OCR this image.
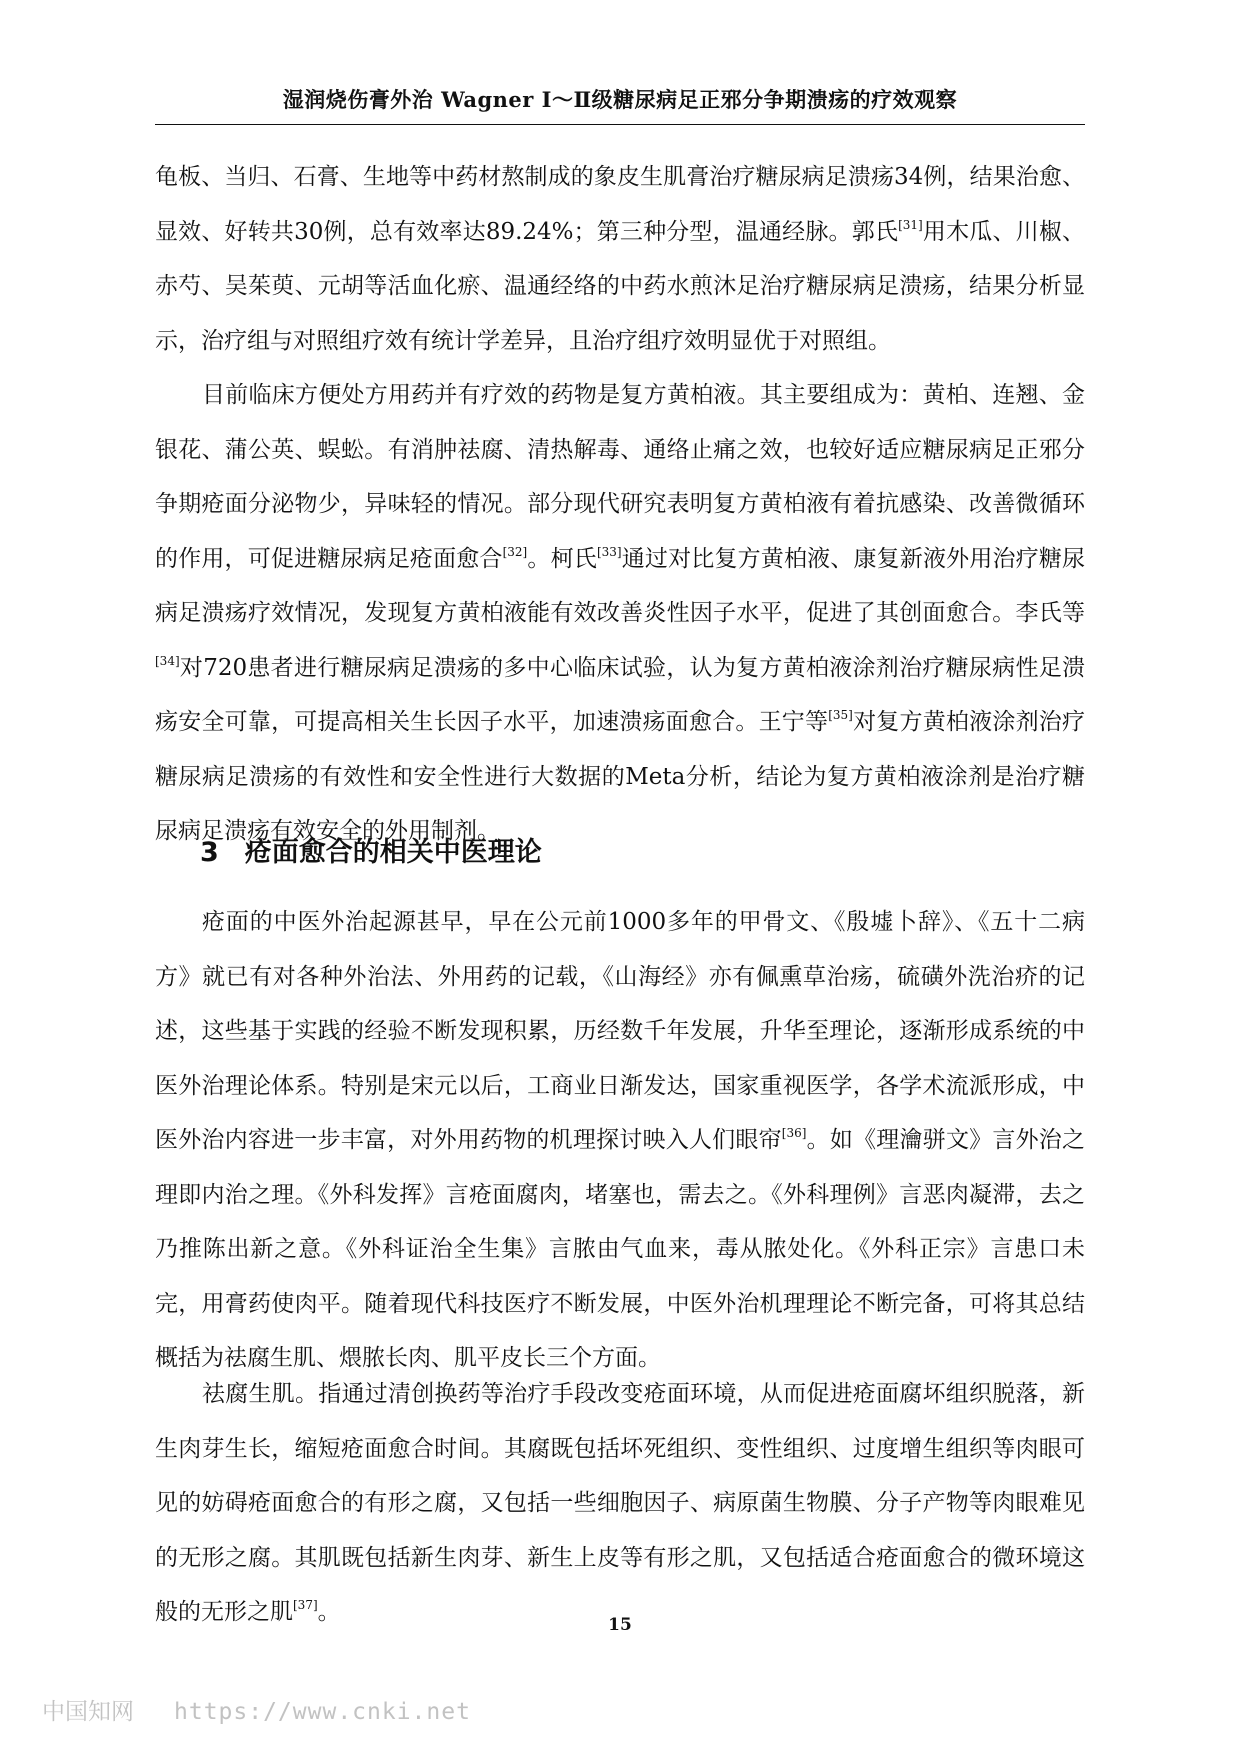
湿润烧伤膏外治 Wagner Ⅰ～Ⅱ级糖尿病足正邪分争期溃疡的疗效观察

龟板、当归、石膏、生地等中药材熬制成的象皮生肌膏治疗糖尿病足溃疡34例，结果治愈、显效、好转共30例，总有效率达89.24%；第三种分型，温通经脉。郭氏[31]用木瓜、川椒、赤芍、吴茱萸、元胡等活血化瘀、温通经络的中药水煎沐足治疗糖尿病足溃疡，结果分析显示，治疗组与对照组疗效有统计学差异，且治疗组疗效明显优于对照组。

目前临床方便处方用药并有疗效的药物是复方黄柏液。其主要组成为：黄柏、连翘、金银花、蒲公英、蜈蚣。有消肿祛腐、清热解毒、通络止痛之效，也较好适应糖尿病足正邪分争期疮面分泌物少，异味轻的情况。部分现代研究表明复方黄柏液有着抗感染、改善微循环的作用，可促进糖尿病足疮面愈合[32]。柯氏[33]通过对比复方黄柏液、康复新液外用治疗糖尿病足溃疡疗效情况，发现复方黄柏液能有效改善炎性因子水平，促进了其创面愈合。李氏等[34]对720患者进行糖尿病足溃疡的多中心临床试验，认为复方黄柏液涂剂治疗糖尿病性足溃疡安全可靠，可提高相关生长因子水平，加速溃疡面愈合。王宁等[35]对复方黄柏液涂剂治疗糖尿病足溃疡的有效性和安全性进行大数据的Meta分析，结论为复方黄柏液涂剂是治疗糖尿病足溃疡有效安全的外用制剂。

3 疮面愈合的相关中医理论

疮面的中医外治起源甚早，早在公元前1000多年的甲骨文、《殷墟卜辞》、《五十二病方》就已有对各种外治法、外用药的记载，《山海经》亦有佩熏草治疡，硫磺外洗治疥的记述，这些基于实践的经验不断发现积累，历经数千年发展，升华至理论，逐渐形成系统的中医外治理论体系。特别是宋元以后，工商业日渐发达，国家重视医学，各学术流派形成，中医外治内容进一步丰富，对外用药物的机理探讨映入人们眼帘[36]。如《理瀹骈文》言外治之理即内治之理。《外科发挥》言疮面腐肉，堵塞也，需去之。《外科理例》言恶肉凝滞，去之乃推陈出新之意。《外科证治全生集》言脓由气血来，毒从脓处化。《外科正宗》言患口未完，用膏药使肉平。随着现代科技医疗不断发展，中医外治机理理论不断完备，可将其总结概括为祛腐生肌、煨脓长肉、肌平皮长三个方面。

祛腐生肌。指通过清创换药等治疗手段改变疮面环境，从而促进疮面腐坏组织脱落，新生肉芽生长，缩短疮面愈合时间。其腐既包括坏死组织、变性组织、过度增生组织等肉眼可见的妨碍疮面愈合的有形之腐，又包括一些细胞因子、病原菌生物膜、分子产物等肉眼难见的无形之腐。其肌既包括新生肉芽、新生上皮等有形之肌，又包括适合疮面愈合的微环境这般的无形之肌[37]。	15
中国知网 https://www.cnki.net
